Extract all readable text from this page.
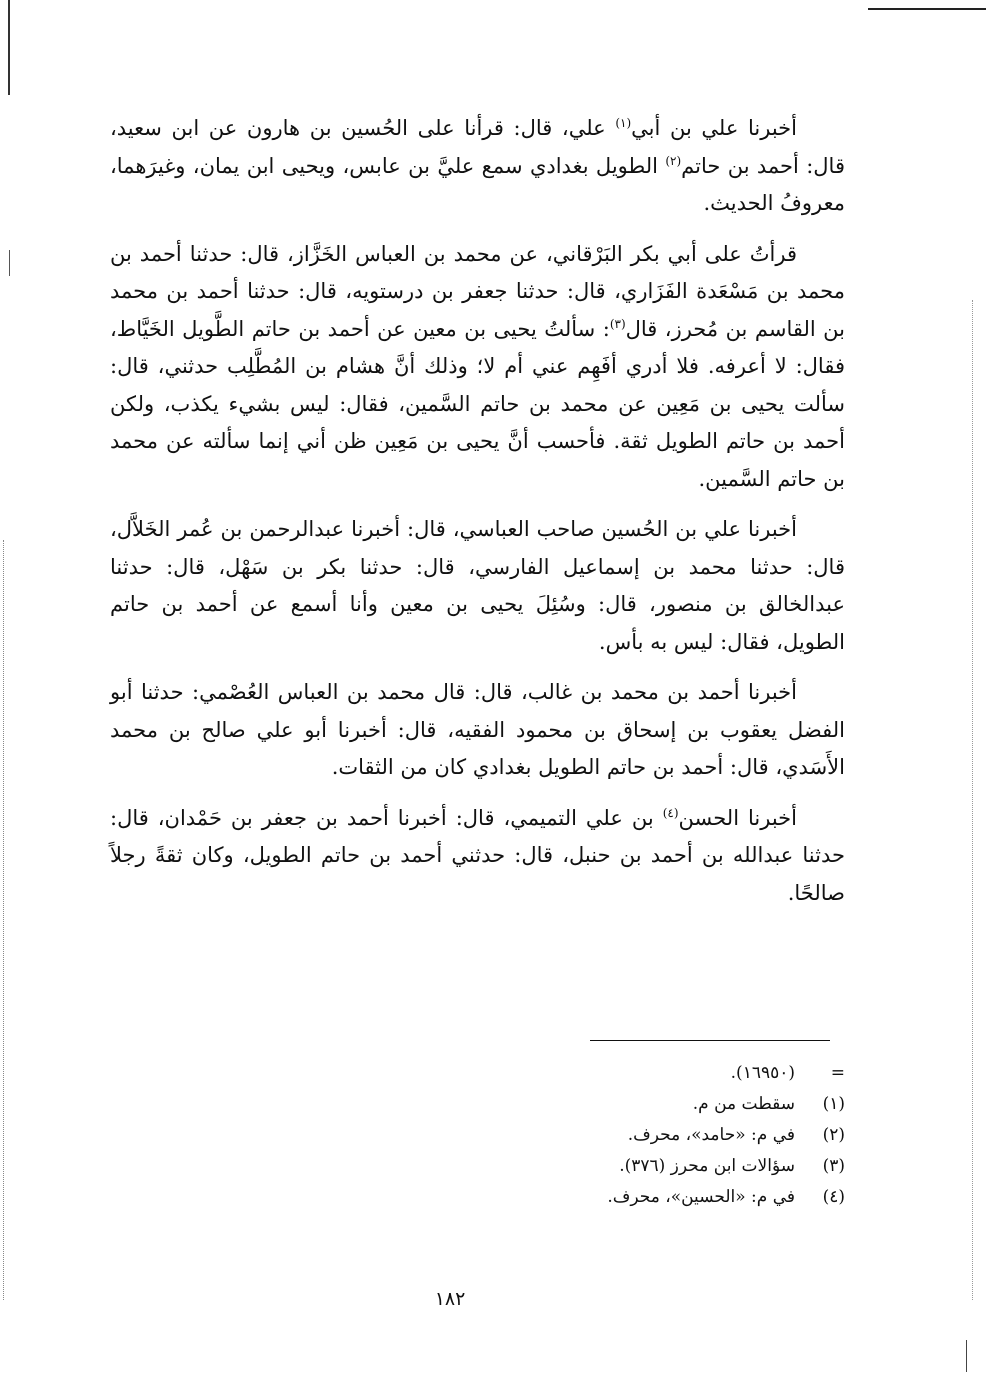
أخبرنا علي بن أبي$^{(١)}$ علي، قال: قرأنا على الحُسين بن هارون عن ابن سعيد، قال: أحمد بن حاتم$^{(٢)}$ الطويل بغدادي سمع عليَّ بن عابس، ويحيى ابن يمان، وغيرَهما، معروفُ الحديث.

قرأتُ على أبي بكر البَرْقاني، عن محمد بن العباس الخَزَّاز، قال: حدثنا أحمد بن محمد بن مَسْعَدة الفَزَاري، قال: حدثنا جعفر بن درستويه، قال: حدثنا أحمد بن محمد بن القاسم بن مُحرز، قال$^{(٣)}$: سألتُ يحيى بن معين عن أحمد بن حاتم الطَّويل الخَيَّاط، فقال: لا أعرفه. فلا أدري أفَهِم عني أم لا؛ وذلك أنَّ هشام بن المُطَّلِب حدثني، قال: سألت يحيى بن مَعِين عن محمد بن حاتم السَّمين، فقال: ليس بشيء يكذب، ولكن أحمد بن حاتم الطويل ثقة. فأحسب أنَّ يحيى بن مَعِين ظن أني إنما سألته عن محمد بن حاتم السَّمين.

أخبرنا علي بن الحُسين صاحب العباسي، قال: أخبرنا عبدالرحمن بن عُمر الخَلاَّل، قال: حدثنا محمد بن إسماعيل الفارسي، قال: حدثنا بكر بن سَهْل، قال: حدثنا عبدالخالق بن منصور، قال: وسُئِلَ يحيى بن معين وأنا أسمع عن أحمد بن حاتم الطويل، فقال: ليس به بأس.

أخبرنا أحمد بن محمد بن غالب، قال: قال محمد بن العباس العُصْمي: حدثنا أبو الفضل يعقوب بن إسحاق بن محمود الفقيه، قال: أخبرنا أبو علي صالح بن محمد الأَسَدي، قال: أحمد بن حاتم الطويل بغدادي كان من الثقات.

أخبرنا الحسن$^{(٤)}$ بن علي التميمي، قال: أخبرنا أحمد بن جعفر بن حَمْدان، قال: حدثنا عبدالله بن أحمد بن حنبل، قال: حدثني أحمد بن حاتم الطويل، وكان ثقةً رجلاً صالحًا.

=(١٦٩٥٠).
(١)سقطت من م.
(٢)في م: «حامد»، محرف.
(٣)سؤالات ابن محرز (٣٧٦).
(٤)في م: «الحسين»، محرف.
١٨٢
